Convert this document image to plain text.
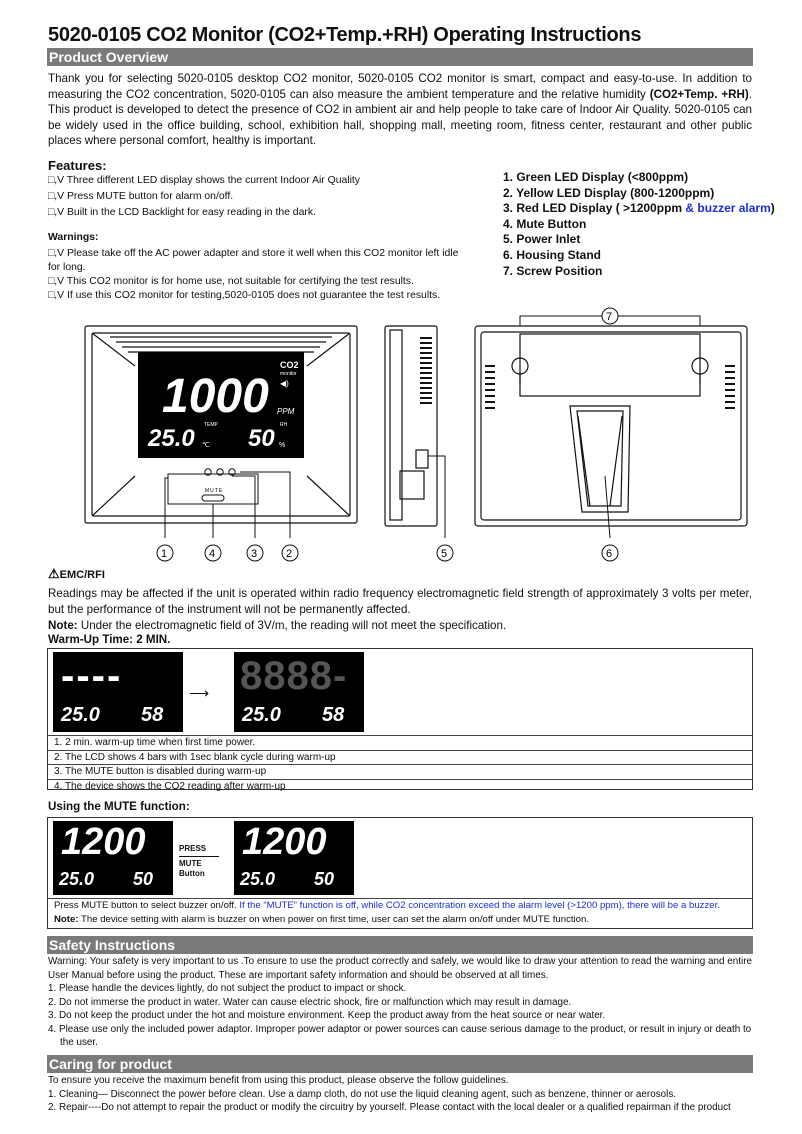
5020-0105 CO2 Monitor (CO2+Temp.+RH) Operating Instructions
Product Overview
Thank you for selecting 5020-0105 desktop CO2 monitor, 5020-0105 CO2 monitor is smart, compact and easy-to-use. In addition to measuring the CO2 concentration, 5020-0105 can also measure the ambient temperature and the relative humidity (CO2+Temp. +RH). This product is developed to detect the presence of CO2 in ambient air and help people to take care of Indoor Air Quality. 5020-0105 can be widely used in the office building, school, exhibition hall, shopping mall, meeting room, fitness center, restaurant and other public places where personal comfort, healthy is important.
Features:
□,V Three different LED display shows the current Indoor Air Quality
□,V Press MUTE button for alarm on/off.
□,V Built in the LCD Backlight for easy reading in the dark.
Warnings:
□,V Please take off the AC power adapter and store it well when this CO2 monitor left idle for long.
□,V This CO2 monitor is for home use, not suitable for certifying the test results.
□,V If use this CO2 monitor for testing,5020-0105 does not guarantee the test results.
1. Green LED Display (<800ppm)
2. Yellow LED Display (800-1200ppm)
3. Red LED Display ( >1200ppm & buzzer alarm)
4. Mute Button
5. Power Inlet
6. Housing Stand
7. Screw Position
1000
CO2
monitor
◀)
PPM
25.0 TEMP
℃ 50 RH
%
MUTE
1	4	3	2	5
7
6
⚠EMC/RFI
Readings may be affected if the unit is operated within radio frequency electromagnetic field strength of approximately 3 volts per meter, but the performance of the instrument will not be permanently affected.
Note: Under the electromagnetic field of 3V/m, the reading will not meet the specification.
Warm-Up Time: 2 MIN.
----
25.0 58
⟶ 8888-
25.0 58
1. 2 min. warm-up time when first time power.
2. The LCD shows 4 bars with 1sec blank cycle during warm-up
3. The MUTE button is disabled during warm-up
4. The device shows the CO2 reading after warm-up
Using the MUTE function:
1200
25.0 50
PRESS
MUTE
Button
1200
25.0 50
Press MUTE button to select buzzer on/off. If the “MUTE” function is off, while CO2 concentration exceed the alarm level (>1200 ppm), there will be a buzzer.
Note: The device setting with alarm is buzzer on when power on first time, user can set the alarm on/off under MUTE function.
Safety Instructions
Warning: Your safety is very important to us .To ensure to use the product correctly and safely, we would like to draw your attention to read the warning and entire User Manual before using the product. These are important safety information and should be observed at all times.
1. Please handle the devices lightly, do not subject the product to impact or shock.
2. Do not immerse the product in water. Water can cause electric shock, fire or malfunction which may result in damage.
3. Do not keep the product under the hot and moisture environment. Keep the product away from the heat source or near water.
4. Please use only the included power adaptor. Improper power adaptor or power sources can cause serious damage to the product, or result in injury or death to the user.
Caring for product
To ensure you receive the maximum benefit from using this product, please observe the follow guidelines.
1. Cleaning— Disconnect the power before clean. Use a damp cloth, do not use the liquid cleaning agent, such as benzene, thinner or aerosols.
2. Repair----Do not attempt to repair the product or modify the circuitry by yourself. Please contact with the local dealer or a qualified repairman if the product
